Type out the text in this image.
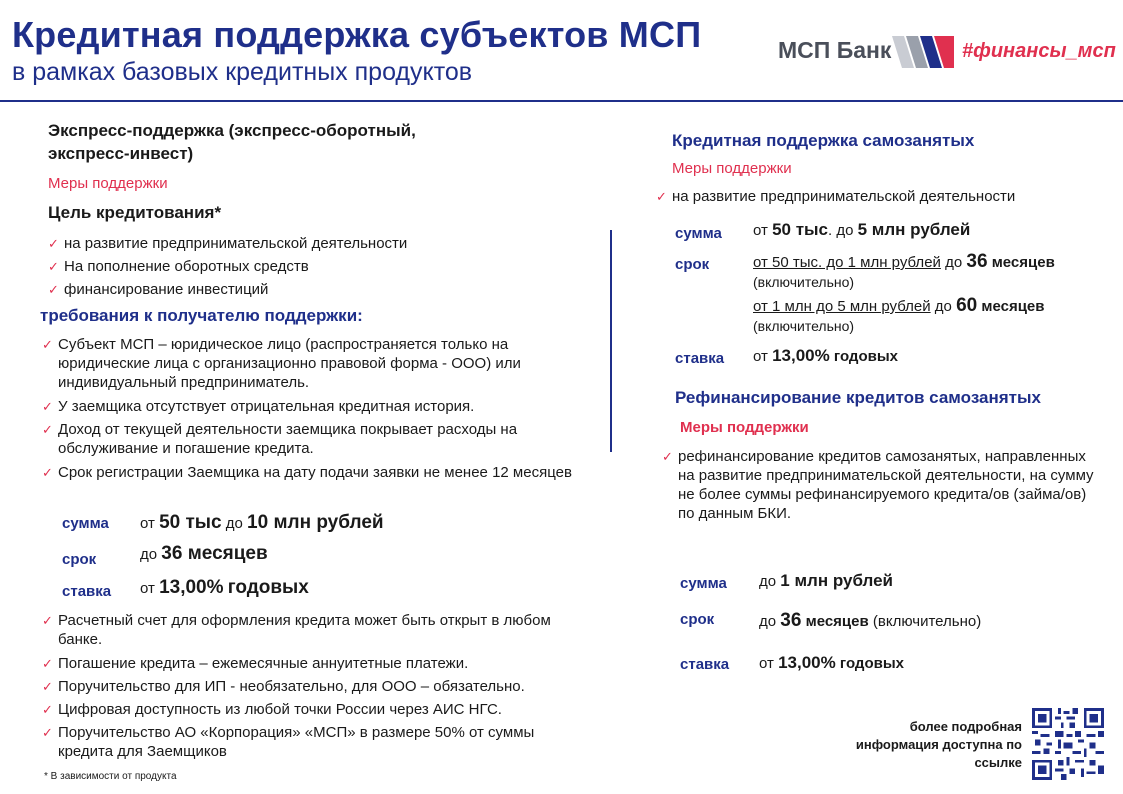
Кредитная поддержка субъектов МСП
в рамках базовых кредитных продуктов
МСП Банк	#финансы_мсп
Экспресс-поддержка (экспресс-оборотный,
экспресс-инвест)
Меры поддержки
Цель кредитования*
✓ на развитие предпринимательской деятельности
✓ На пополнение оборотных средств
✓ финансирование инвестиций
требования к получателю поддержки:
✓ Субъект МСП – юридическое лицо (распространяется только на юридические лица с организационно правовой форма - ООО) или индивидуальный предприниматель.
✓ У заемщика отсутствует отрицательная кредитная история.
✓ Доход от текущей деятельности заемщика покрывает расходы на обслуживание и погашение кредита.
✓ Срок регистрации Заемщика на дату подачи заявки не менее 12 месяцев
сумма от 50 тыс до 10 млн рублей
срок	до 36 месяцев
ставка от 13,00% годовых
✓ Расчетный счет для оформления кредита может быть открыт в любом банке.
✓ Погашение кредита – ежемесячные аннуитетные платежи.
✓ Поручительство для ИП - необязательно, для ООО – обязательно.
✓ Цифровая доступность из любой точки России через АИС НГС.
✓ Поручительство АО «Корпорация» «МСП» в размере 50% от суммы кредита для Заемщиков
* В зависимости от продукта
Кредитная поддержка самозанятых
Меры поддержки
✓ на развитие предпринимательской деятельности
сумма от 50 тыс. до 5 млн рублей
срок	от 50 тыс. до 1 млн рублей до 36 месяцев
(включительно)
от 1 млн до 5 млн рублей до 60 месяцев
(включительно)
ставка от 13,00% годовых
Рефинансирование кредитов самозанятых
Меры поддержки
✓ рефинансирование кредитов самозанятых, направленных на развитие предпринимательской деятельности, на сумму не более суммы рефинансируемого кредита/ов (займа/ов) по данным БКИ.
сумма до 1 млн рублей
срок	до 36 месяцев (включительно)
ставка от 13,00% годовых
более подробная информация доступна по ссылке
